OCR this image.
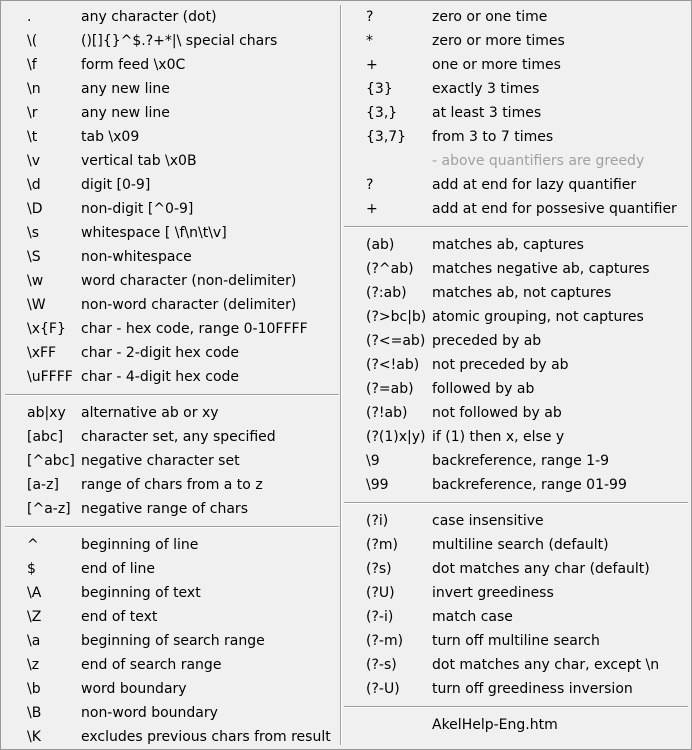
.	any character (dot)
\(	()[]{}^$.?+*|\ special chars
\f	form feed \x0C
\n	any new line
\r	any new line
\t	tab \x09
\v	vertical tab \x0B
\d	digit [0-9]
\D	non-digit [^0-9]
\s	whitespace [ \f\n\t\v]
\S	non-whitespace
\w	word character (non-delimiter)
\W	non-word character (delimiter)
\x{F} char - hex code, range 0-10FFFF
\xFF char - 2-digit hex code
\uFFFF char - 4-digit hex code
ab|xy alternative ab or xy
[abc] character set, any specified
[^abc] negative character set
[a-z] range of chars from a to z
[^a-z] negative range of chars
^	beginning of line
$	end of line
\A	beginning of text
\Z	end of text
\a	beginning of search range
\z	end of search range
\b	word boundary
\B	non-word boundary
\K	excludes previous chars from result
?	zero or one time
*	zero or more times
+	one or more times
{3}	exactly 3 times
{3,} at least 3 times
{3,7} from 3 to 7 times
- above quantifiers are greedy
?	add at end for lazy quantifier
+	add at end for possesive quantifier
(ab)	matches ab, captures
(?^ab) matches negative ab, captures
(?:ab) matches ab, not captures
(?>bc|b) atomic grouping, not captures
(?<=ab) preceded by ab
(?<!ab) not preceded by ab
(?=ab) followed by ab
(?!ab) not followed by ab
(?(1)x|y) if (1) then x, else y
\9	backreference, range 1-9
\99	backreference, range 01-99
(?i)	case insensitive
(?m) multiline search (default)
(?s)	dot matches any char (default)
(?U)	invert greediness
(?-i)	match case
(?-m) turn off multiline search
(?-s)	dot matches any char, except \n
(?-U) turn off greediness inversion
AkelHelp-Eng.htm
